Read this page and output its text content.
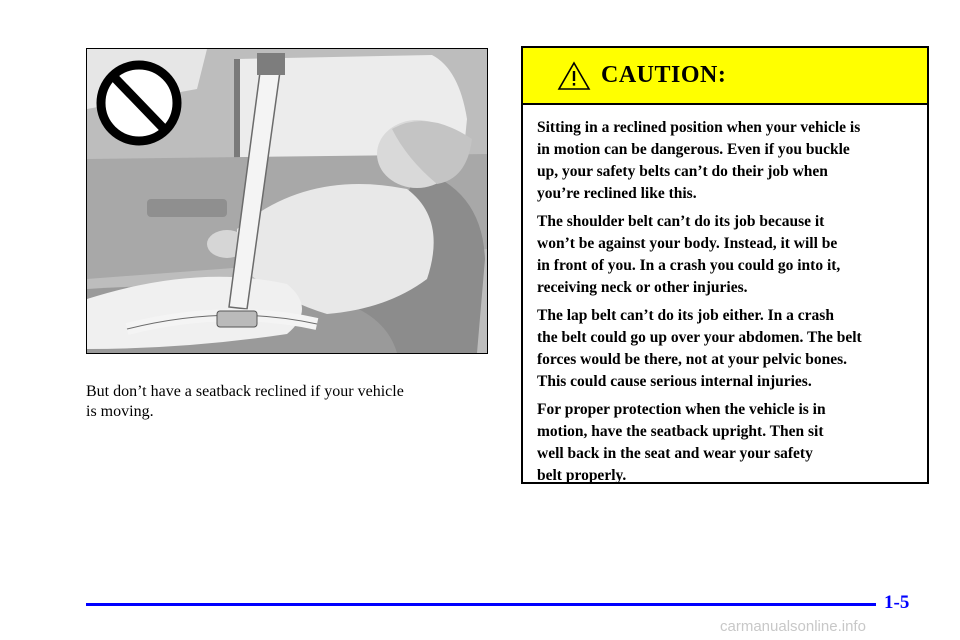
But don’t have a seatback reclined if your vehicle
is moving.
CAUTION:

Sitting in a reclined position when your vehicle is
in motion can be dangerous. Even if you buckle
up, your safety belts can’t do their job when
you’re reclined like this.

The shoulder belt can’t do its job because it
won’t be against your body. Instead, it will be
in front of you. In a crash you could go into it,
receiving neck or other injuries.

The lap belt can’t do its job either. In a crash
the belt could go up over your abdomen. The belt
forces would be there, not at your pelvic bones.
This could cause serious internal injuries.

For proper protection when the vehicle is in
motion, have the seatback upright. Then sit
well back in the seat and wear your safety
belt properly.

1-5
carmanualsonline.info
